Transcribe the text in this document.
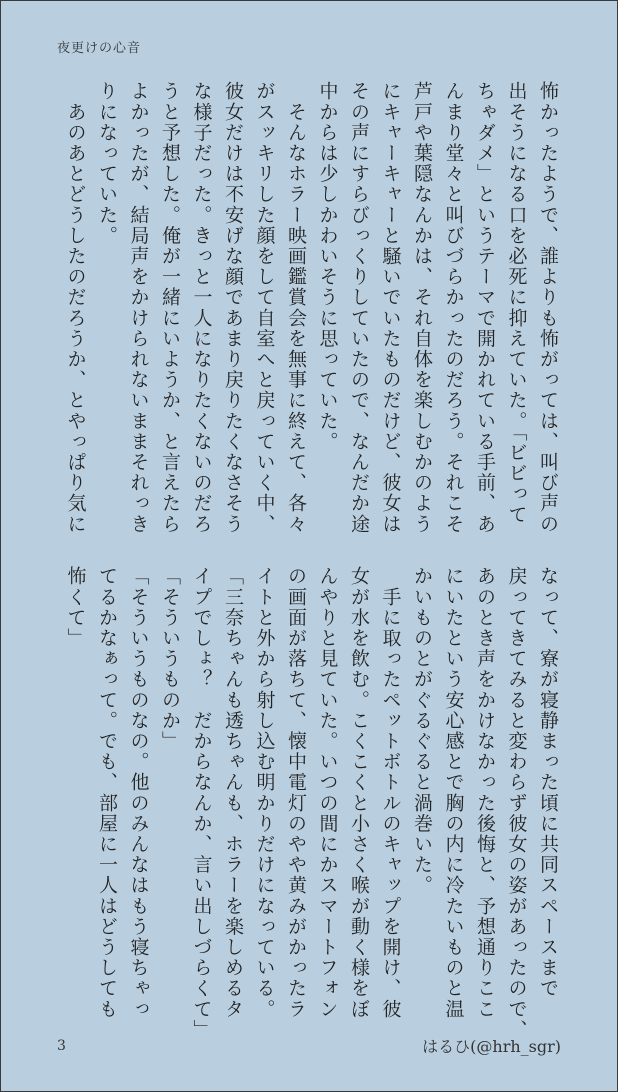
夜更けの心音

怖かったようで、誰よりも怖がっては、叫び声の

出そうになる口を必死に抑えていた。「ビビって

ちゃダメ」というテーマで開かれている手前、あ

んまり堂々と叫びづらかったのだろう。それこそ

芦戸や葉隠なんかは、それ自体を楽しむかのよう

にキャーキャーと騒いでいたものだけど、彼女は

その声にすらびっくりしていたので、なんだか途

中からは少しかわいそうに思っていた。

　そんなホラー映画鑑賞会を無事に終えて、各々

がスッキリした顔をして自室へと戻っていく中、

彼女だけは不安げな顔であまり戻りたくなさそう

な様子だった。きっと一人になりたくないのだろ

うと予想した。俺が一緒にいようか、と言えたら

よかったが、結局声をかけられないままそれっき

りになっていた。

　あのあとどうしたのだろうか、とやっぱり気に

なって、寮が寝静まった頃に共同スペースまで

戻ってきてみると変わらず彼女の姿があったので、

あのとき声をかけなかった後悔と、予想通りここ

にいたという安心感とで胸の内に冷たいものと温

かいものとがぐるぐると渦巻いた。

　手に取ったペットボトルのキャップを開け、彼

女が水を飲む。こくこくと小さく喉が動く様をぼ

んやりと見ていた。いつの間にかスマートフォン

の画面が落ちて、懐中電灯のやや黄みがかったラ

イトと外から射し込む明かりだけになっている。

「三奈ちゃんも透ちゃんも、ホラーを楽しめるタ

イプでしょ？　だからなんか、言い出しづらくて」

「そういうものか」

「そういうものなの。他のみんなはもう寝ちゃっ

てるかなぁって。でも、部屋に一人はどうしても

怖くて」

3	はるひ(@hrh_sgr)
